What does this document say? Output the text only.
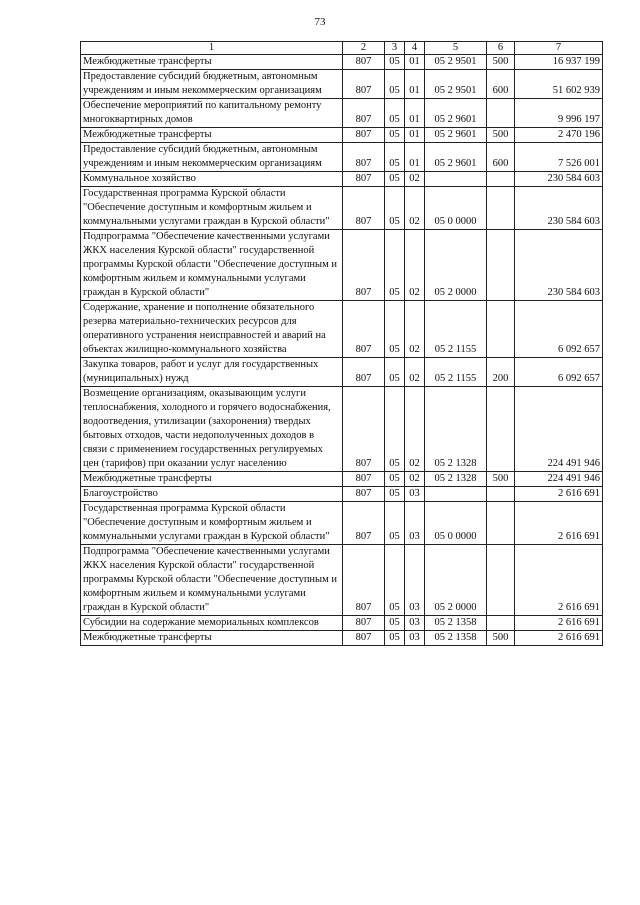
73
1	2	3	4	5	6	7
Межбюджетные трансферты	807	05	01	05 2 9501	500	16 937 199
Предоставление субсидий бюджетным, автономным учреждениям и иным некоммерческим организациям	807	05	01	05 2 9501	600	51 602 939
Обеспечение мероприятий по капитальному ремонту многоквартирных домов	807	05	01	05 2 9601		9 996 197
Межбюджетные трансферты	807	05	01	05 2 9601	500	2 470 196
Предоставление субсидий бюджетным, автономным учреждениям и иным некоммерческим организациям	807	05	01	05 2 9601	600	7 526 001
Коммунальное хозяйство	807	05	02			230 584 603
Государственная программа Курской области "Обеспечение доступным и комфортным жильем и коммунальными услугами граждан в Курской области"	807	05	02	05 0 0000		230 584 603
Подпрограмма "Обеспечение качественными услугами ЖКХ населения Курской области" государственной программы Курской области "Обеспечение доступным и комфортным жильем и коммунальными услугами граждан в Курской области"	807	05	02	05 2 0000		230 584 603
Содержание, хранение и пополнение обязательного резерва материально-технических ресурсов для оперативного устранения неисправностей и аварий на объектах жилищно-коммунального хозяйства	807	05	02	05 2 1155		6 092 657
Закупка товаров, работ и услуг для государственных (муниципальных) нужд	807	05	02	05 2 1155	200	6 092 657
Возмещение организациям, оказывающим услуги теплоснабжения, холодного и горячего водоснабжения, водоотведения, утилизации (захоронения) твердых бытовых отходов, части недополученных доходов в связи с применением государственных регулируемых цен (тарифов) при оказании услуг населению	807	05	02	05 2 1328		224 491 946
Межбюджетные трансферты	807	05	02	05 2 1328	500	224 491 946
Благоустройство	807	05	03			2 616 691
Государственная программа Курской области "Обеспечение доступным и комфортным жильем и коммунальными услугами граждан в Курской области"	807	05	03	05 0 0000		2 616 691
Подпрограмма "Обеспечение качественными услугами ЖКХ населения Курской области" государственной программы Курской области "Обеспечение доступным и комфортным жильем и коммунальными услугами граждан в Курской области"	807	05	03	05 2 0000		2 616 691
Субсидии на содержание мемориальных комплексов	807	05	03	05 2 1358		2 616 691
Межбюджетные трансферты	807	05	03	05 2 1358	500	2 616 691
